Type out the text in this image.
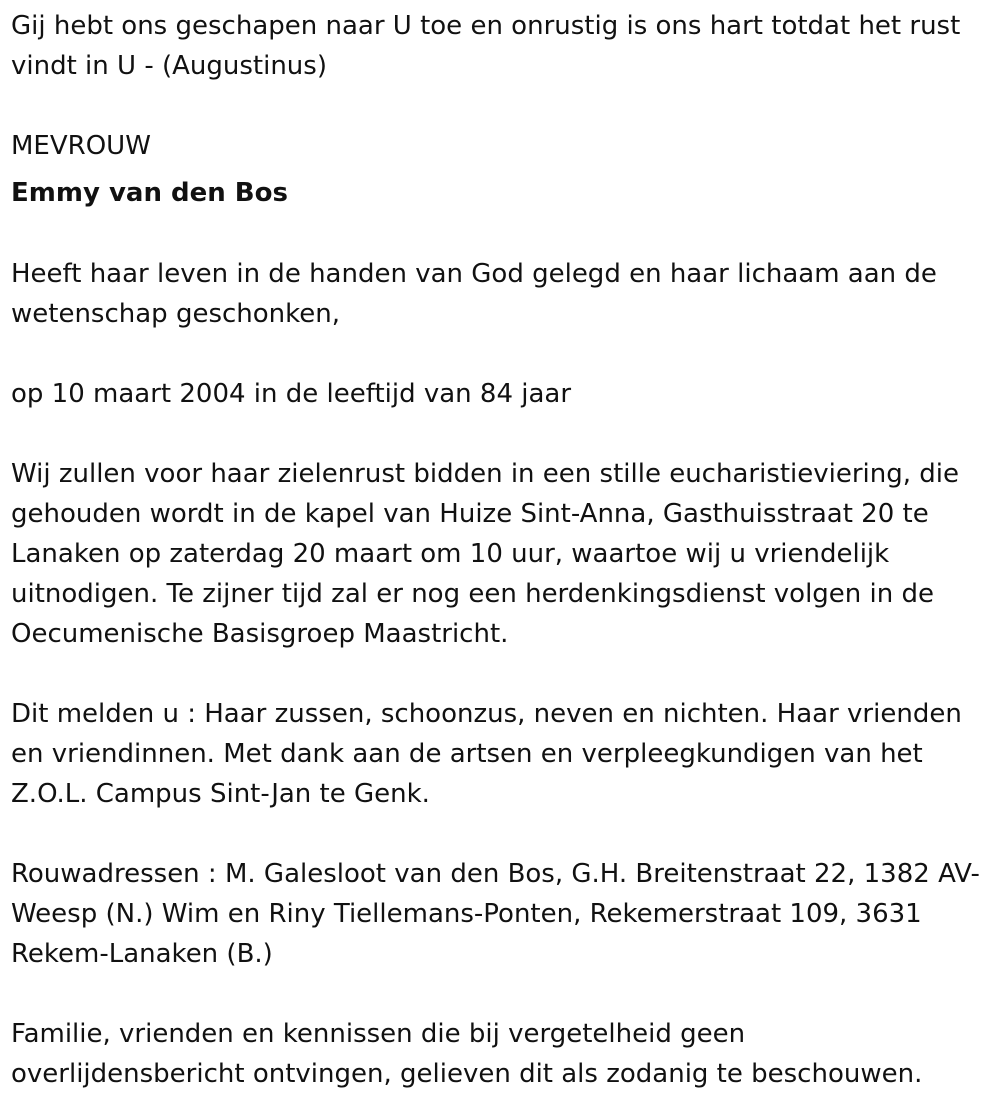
Gij hebt ons geschapen naar U toe en onrustig is ons hart totdat het rust vindt in U - (Augustinus)

MEVROUW

Emmy van den Bos

Heeft haar leven in de handen van God gelegd en haar lichaam aan de wetenschap geschonken,

op 10 maart 2004 in de leeftijd van 84 jaar

Wij zullen voor haar zielenrust bidden in een stille eucharistieviering, die gehouden wordt in de kapel van Huize Sint-Anna, Gasthuisstraat 20 te Lanaken op zaterdag 20 maart om 10 uur, waartoe wij u vriendelijk uitnodigen. Te zijner tijd zal er nog een herdenkingsdienst volgen in de Oecumenische Basisgroep Maastricht.

Dit melden u : Haar zussen, schoonzus, neven en nichten. Haar vrienden en vriendinnen. Met dank aan de artsen en verpleegkundigen van het Z.O.L. Campus Sint-Jan te Genk.

Rouwadressen : M. Galesloot van den Bos, G.H. Breitenstraat 22, 1382 AV-Weesp (N.) Wim en Riny Tiellemans-Ponten, Rekemerstraat 109, 3631 Rekem-Lanaken (B.)

Familie, vrienden en kennissen die bij vergetelheid geen overlijdensbericht ontvingen, gelieven dit als zodanig te beschouwen.
